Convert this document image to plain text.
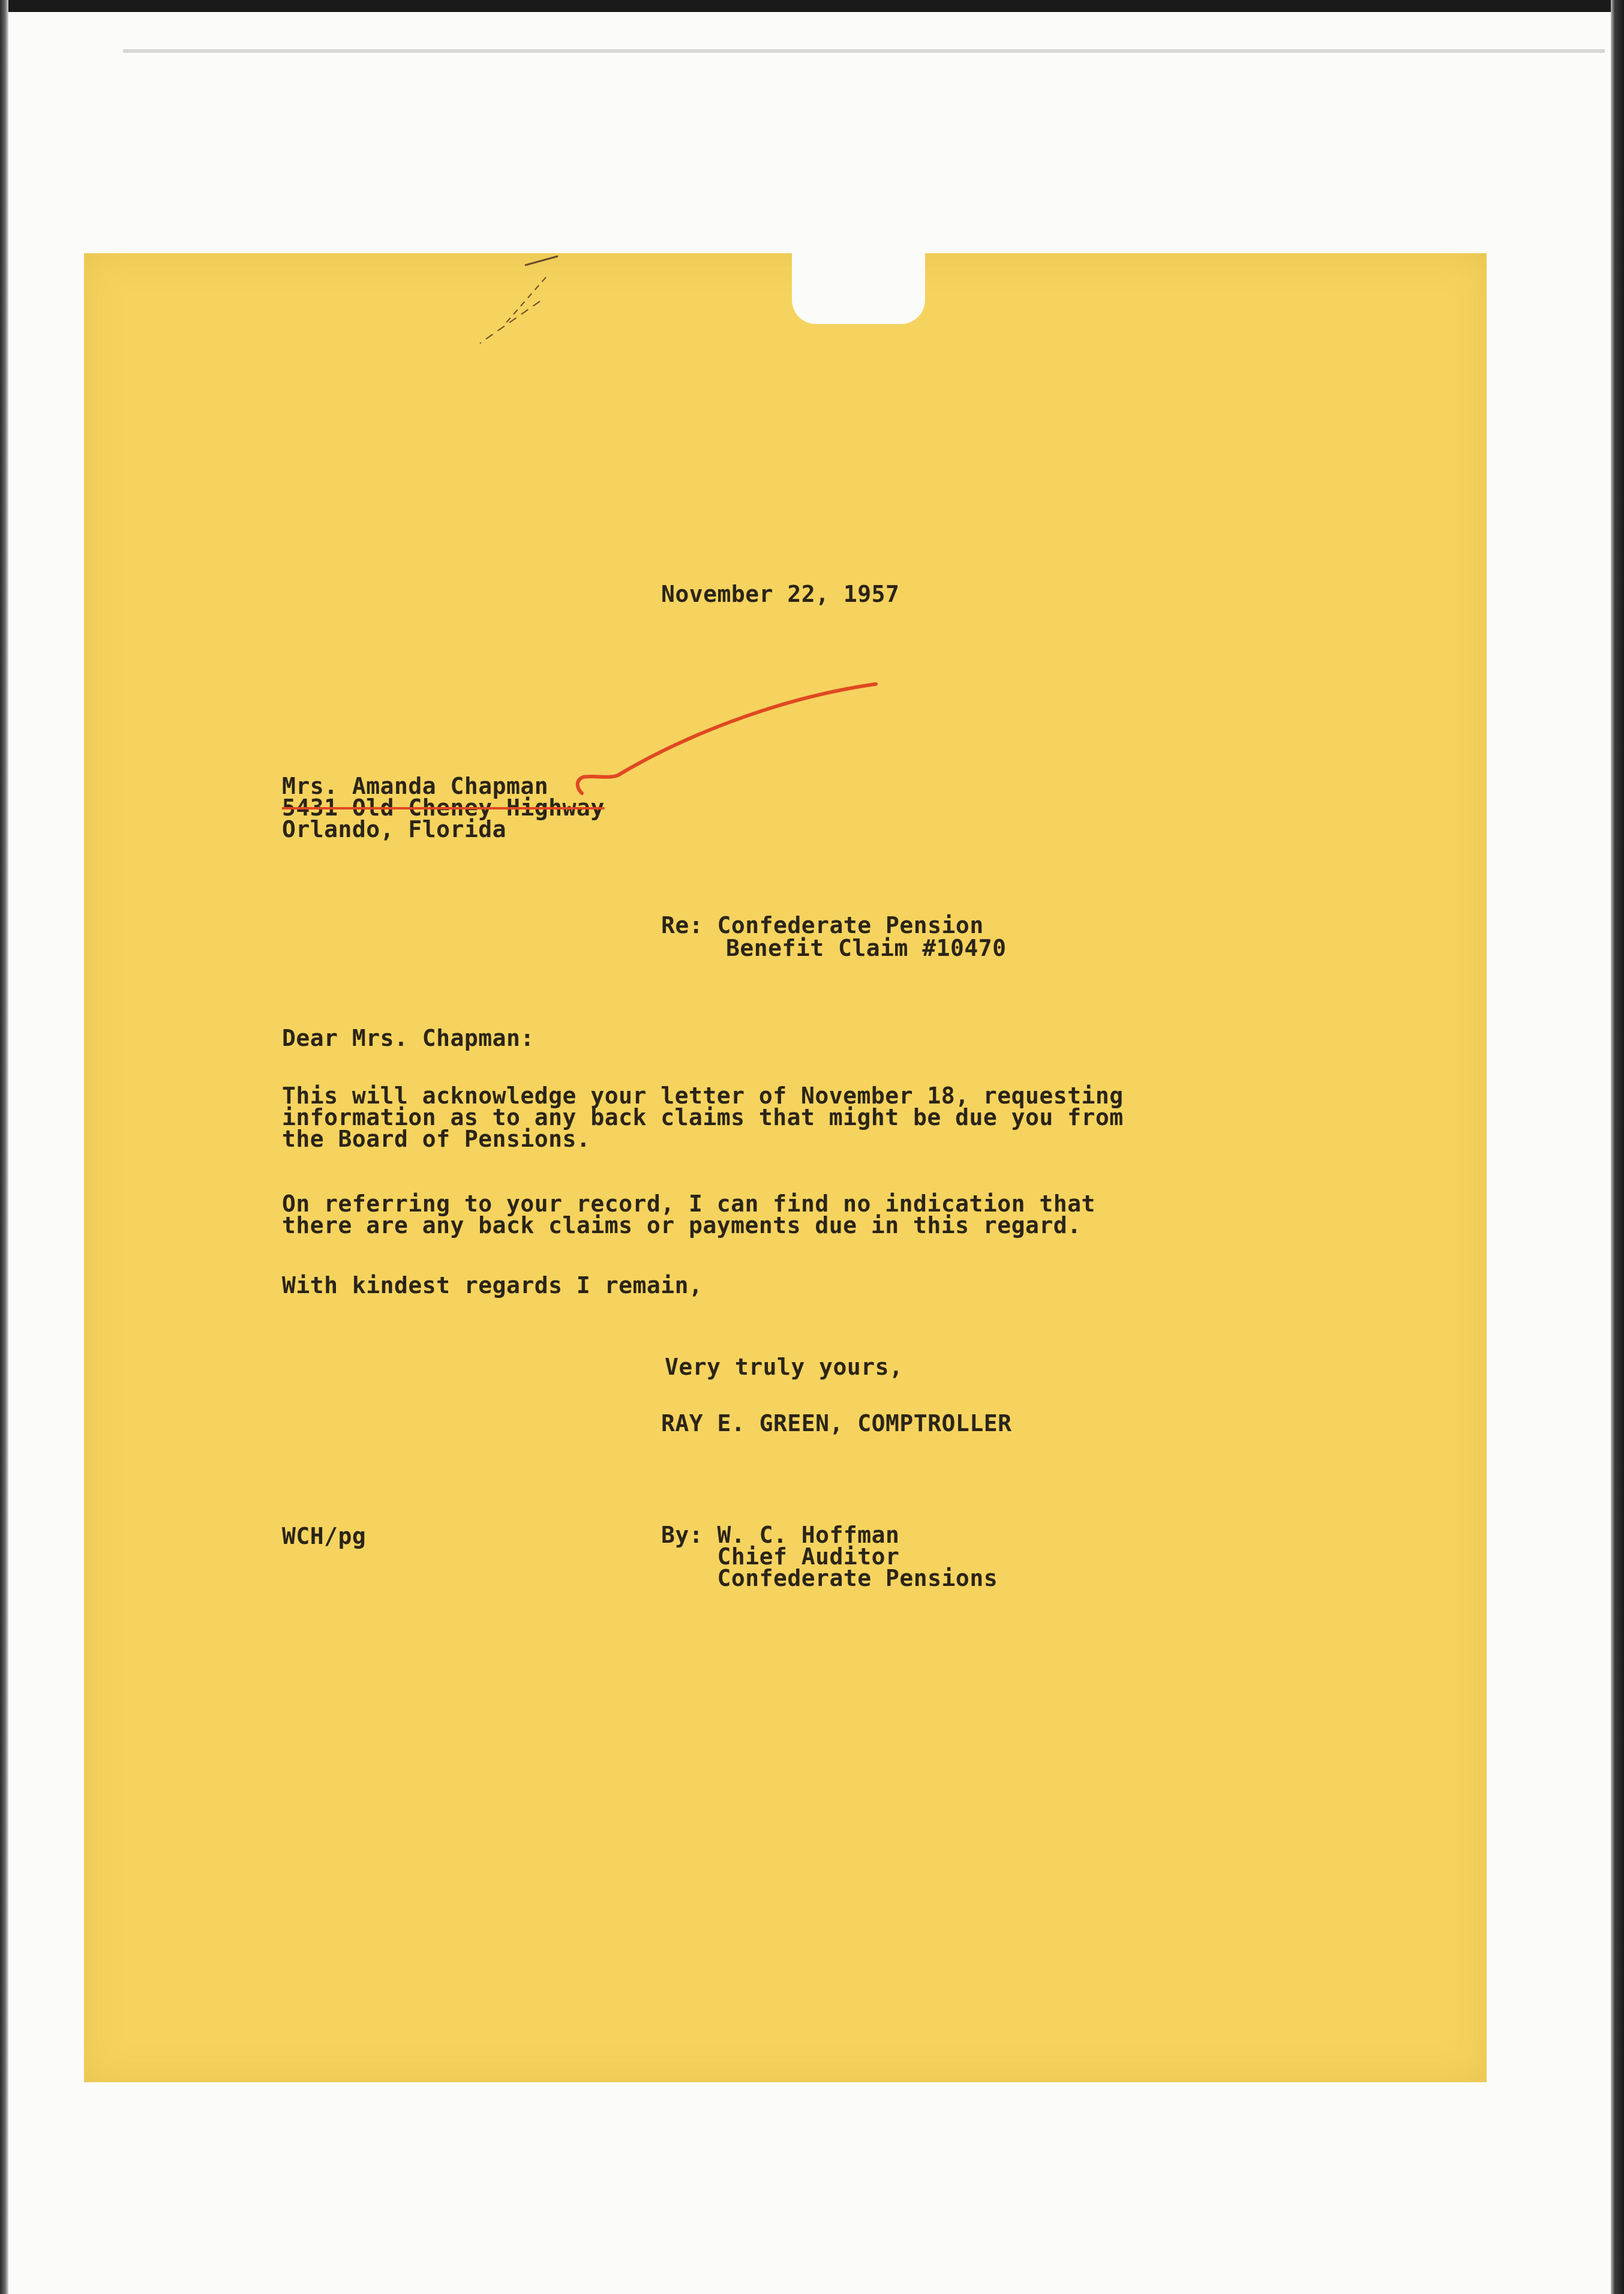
November 22, 1957
Mrs. Amanda Chapman
5431 Old Cheney Highway
Orlando, Florida
Re: Confederate Pension
Benefit Claim #10470
Dear Mrs. Chapman:
This will acknowledge your letter of November 18, requesting
information as to any back claims that might be due you from
the Board of Pensions.
On referring to your record, I can find no indication that
there are any back claims or payments due in this regard.
With kindest regards I remain,
Very truly yours,
RAY E. GREEN, COMPTROLLER
WCH/pg	By: W. C. Hoffman
Chief Auditor
Confederate Pensions
